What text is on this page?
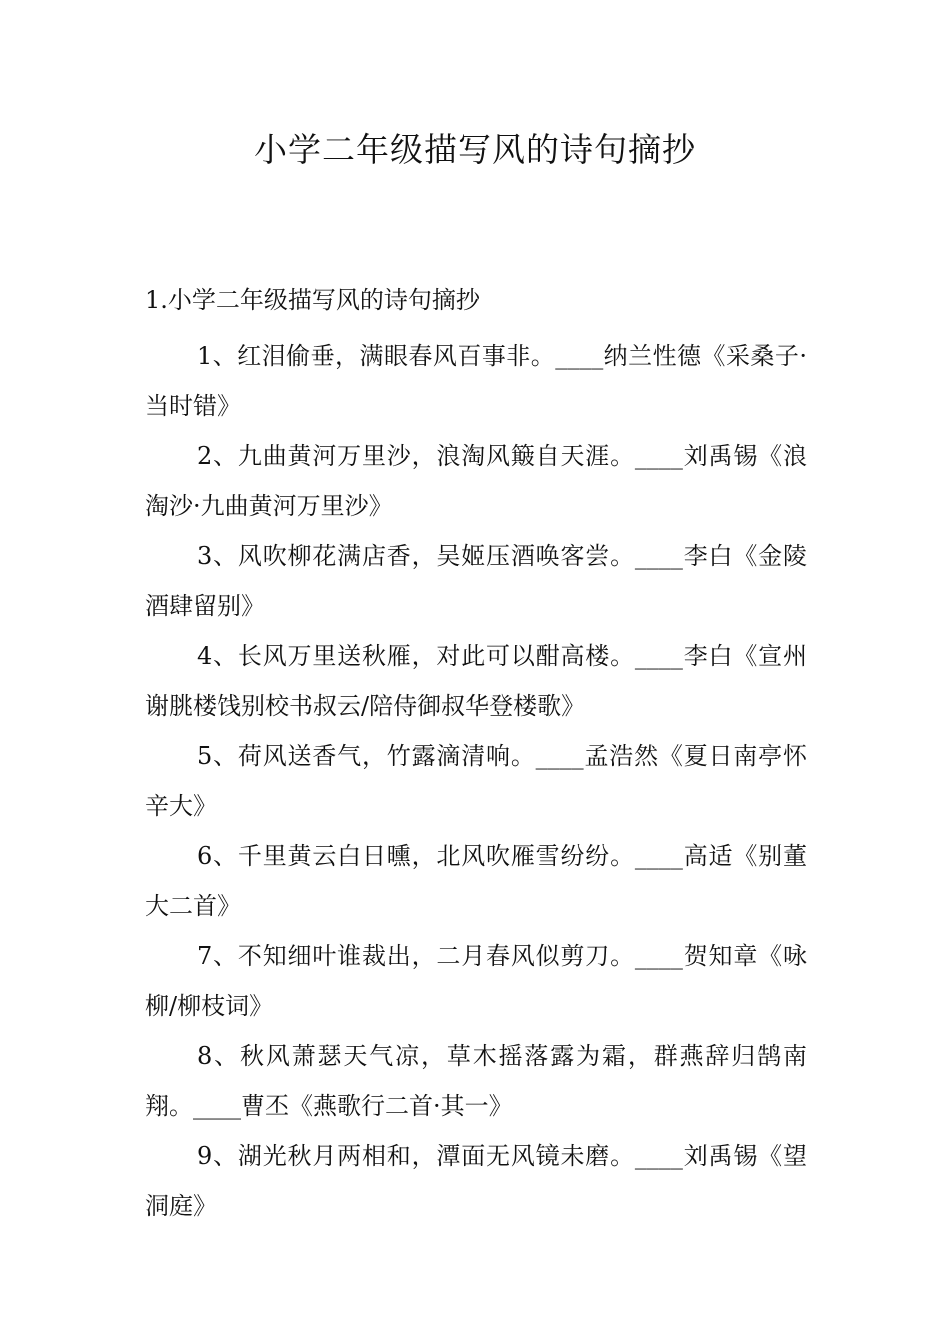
小学二年级描写风的诗句摘抄
1.小学二年级描写风的诗句摘抄
1、红泪偷垂，满眼春风百事非。____纳兰性德《采桑子·当时错》
2、九曲黄河万里沙，浪淘风簸自天涯。____刘禹锡《浪淘沙·九曲黄河万里沙》
3、风吹柳花满店香，吴姬压酒唤客尝。____李白《金陵酒肆留别》
4、长风万里送秋雁，对此可以酣高楼。____李白《宣州谢朓楼饯别校书叔云/陪侍御叔华登楼歌》
5、荷风送香气，竹露滴清响。____孟浩然《夏日南亭怀辛大》
6、千里黄云白日曛，北风吹雁雪纷纷。____高适《别董大二首》
7、不知细叶谁裁出，二月春风似剪刀。____贺知章《咏柳/柳枝词》
8、秋风萧瑟天气凉，草木摇落露为霜，群燕辞归鹄南翔。____曹丕《燕歌行二首·其一》
9、湖光秋月两相和，潭面无风镜未磨。____刘禹锡《望洞庭》
